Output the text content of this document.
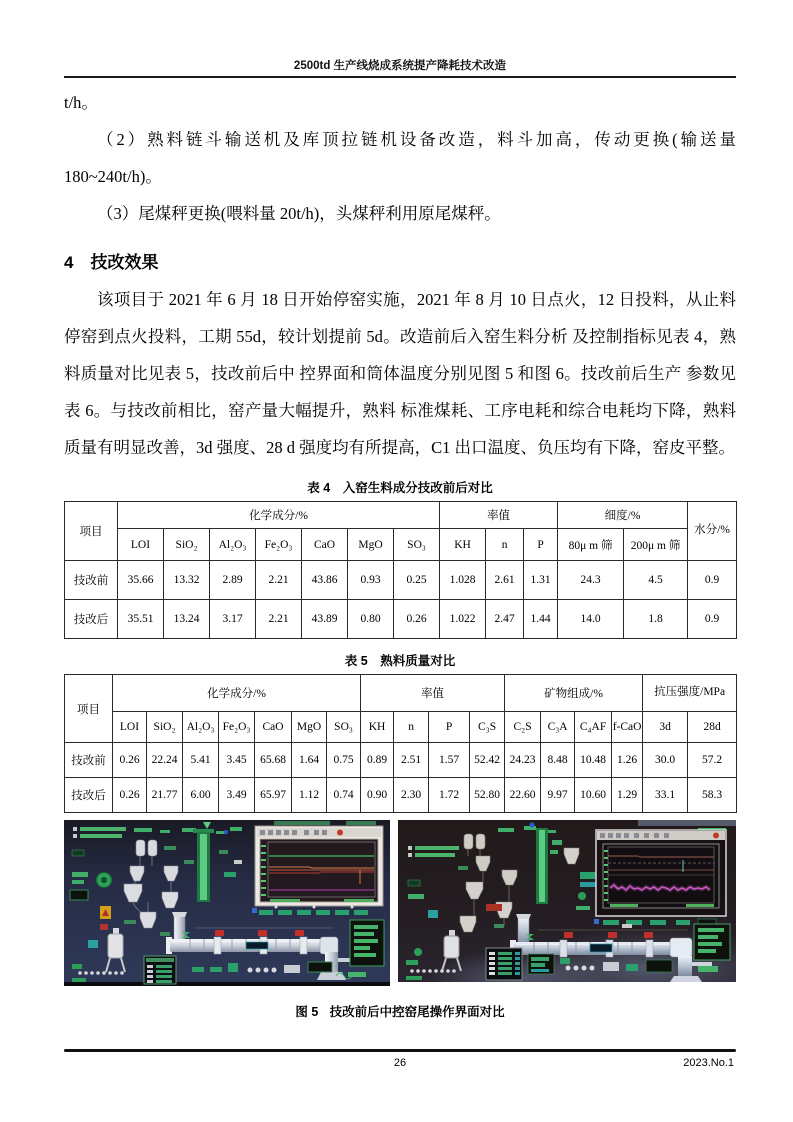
2500td 生产线烧成系统提产降耗技术改造

t/h。

（2）熟料链斗输送机及库顶拉链机设备改造，料斗加高，传动更换(输送量180~240t/h)。

（3）尾煤秤更换(喂料量 20t/h)，头煤秤利用原尾煤秤。

4　技改效果

该项目于 2021 年 6 月 18 日开始停窑实施，2021 年 8 月 10 日点火，12 日投料，从止料停窑到点火投料，工期 55d，较计划提前 5d。改造前后入窑生料分析 及控制指标见表 4，熟料质量对比见表 5，技改前后中 控界面和筒体温度分别见图 5 和图 6。技改前后生产 参数见表 6。与技改前相比，窑产量大幅提升，熟料 标准煤耗、工序电耗和综合电耗均下降，熟料质量有明显改善，3d 强度、28 d 强度均有所提高，C1 出口温度、负压均有下降，窑皮平整。

表 4　入窑生料成分技改前后对比
项目	化学成分/%							率值			细度/%		水分/%
	LOI	SiO₂	Al₂O₃	Fe₂O₃	CaO	MgO	SO₃	KH	n	P	80μ m 筛	200μ m 筛	
技改前	35.66	13.32	2.89	2.21	43.86	0.93	0.25	1.028	2.61	1.31	24.3	4.5	0.9
技改后	35.51	13.24	3.17	2.21	43.89	0.80	0.26	1.022	2.47	1.44	14.0	1.8	0.9
表 5　熟料质量对比
项目	化学成分/%							率值				矿物组成/%				抗压强度/MPa	
	LOI	SiO₂	Al₂O₃	Fe₂O₃	CaO	MgO	SO₃	KH	n	P	C₃S	C₂S	C₃A	C₄AF	f-CaO	3d	28d
技改前	0.26	22.24	5.41	3.45	65.68	1.64	0.75	0.89	2.51	1.57	52.42	24.23	8.48	10.48	1.26	30.0	57.2
技改后	0.26	21.77	6.00	3.49	65.97	1.12	0.74	0.90	2.30	1.72	52.80	22.60	9.97	10.60	1.29	33.1	58.3
图 5 技改前后中控窑尾操作界面对比
26	2023.No.1
